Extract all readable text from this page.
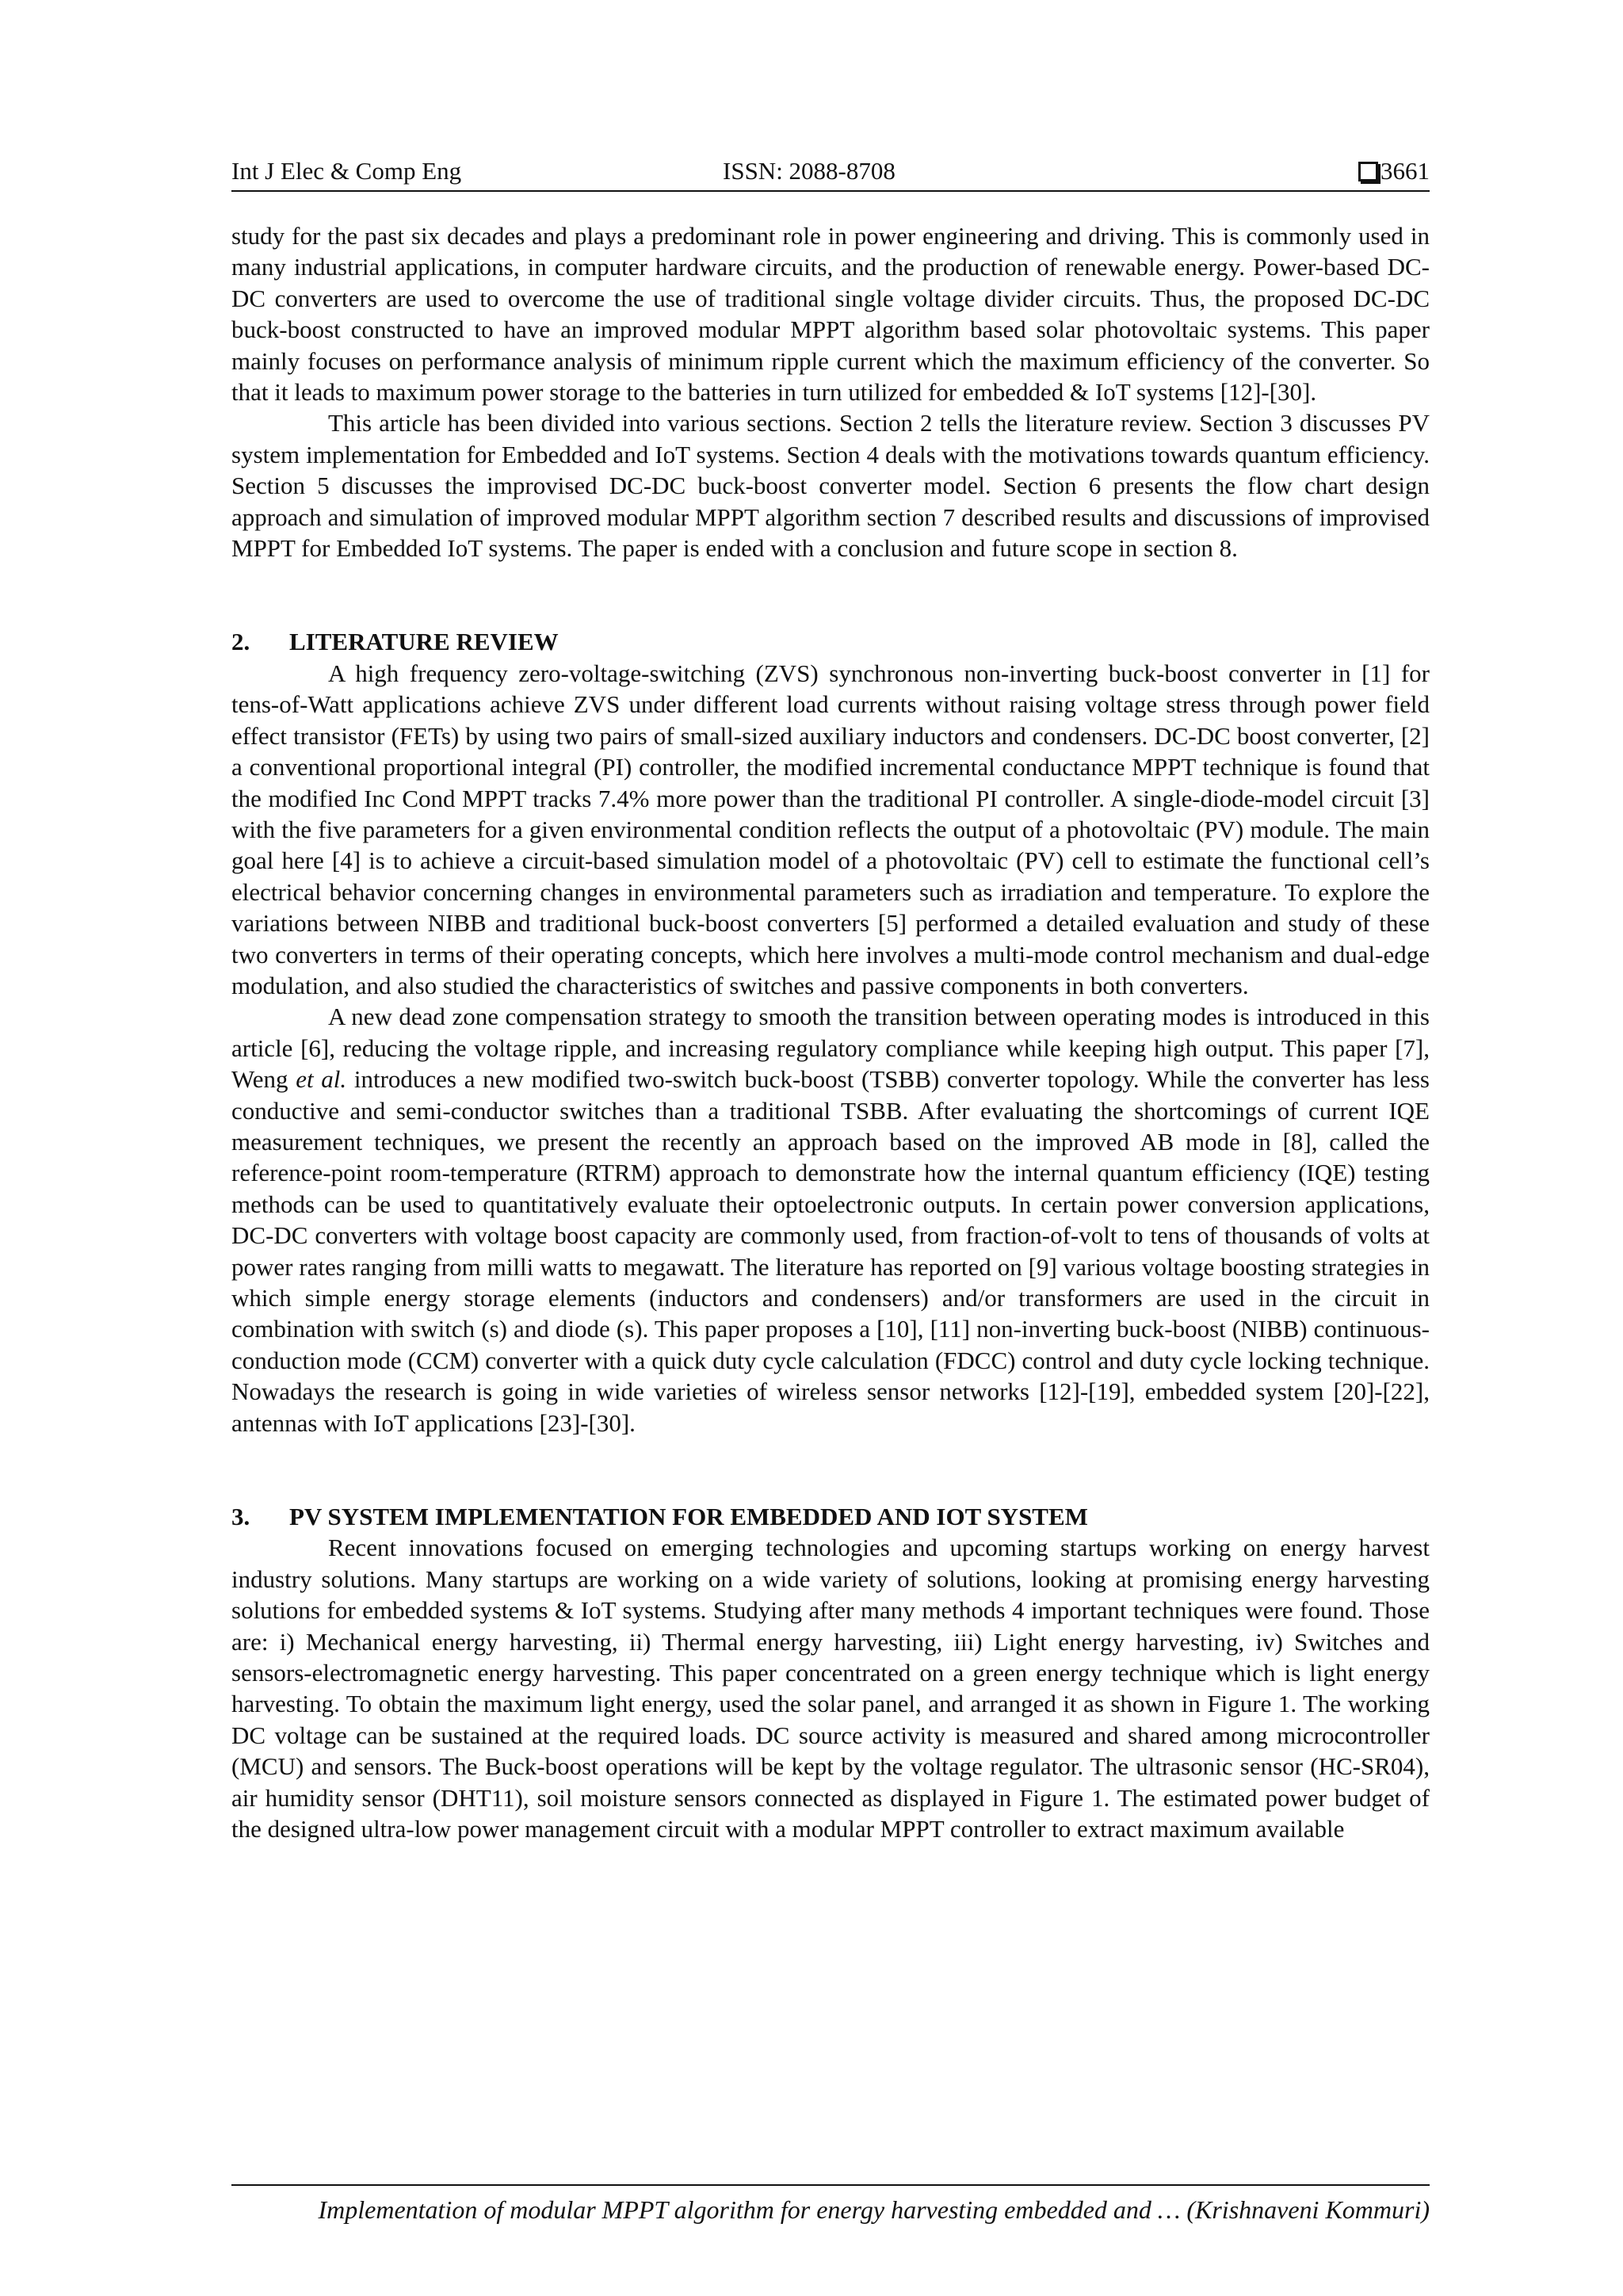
Int J Elec & Comp Eng	ISSN: 2088-8708	3661

study for the past six decades and plays a predominant role in power engineering and driving. This is commonly used in many industrial applications, in computer hardware circuits, and the production of renewable energy. Power-based DC-DC converters are used to overcome the use of traditional single voltage divider circuits. Thus, the proposed DC-DC buck-boost constructed to have an improved modular MPPT algorithm based solar photovoltaic systems. This paper mainly focuses on performance analysis of minimum ripple current which the maximum efficiency of the converter. So that it leads to maximum power storage to the batteries in turn utilized for embedded & IoT systems [12]-[30].

This article has been divided into various sections. Section 2 tells the literature review. Section 3 discusses PV system implementation for Embedded and IoT systems. Section 4 deals with the motivations towards quantum efficiency. Section 5 discusses the improvised DC-DC buck-boost converter model. Section 6 presents the flow chart design approach and simulation of improved modular MPPT algorithm section 7 described results and discussions of improvised MPPT for Embedded IoT systems. The paper is ended with a conclusion and future scope in section 8.

2. LITERATURE REVIEW

A high frequency zero-voltage-switching (ZVS) synchronous non-inverting buck-boost converter in [1] for tens-of-Watt applications achieve ZVS under different load currents without raising voltage stress through power field effect transistor (FETs) by using two pairs of small-sized auxiliary inductors and condensers. DC-DC boost converter, [2] a conventional proportional integral (PI) controller, the modified incremental conductance MPPT technique is found that the modified Inc Cond MPPT tracks 7.4% more power than the traditional PI controller. A single-diode-model circuit [3] with the five parameters for a given environmental condition reflects the output of a photovoltaic (PV) module. The main goal here [4] is to achieve a circuit-based simulation model of a photovoltaic (PV) cell to estimate the functional cell’s electrical behavior concerning changes in environmental parameters such as irradiation and temperature. To explore the variations between NIBB and traditional buck-boost converters [5] performed a detailed evaluation and study of these two converters in terms of their operating concepts, which here involves a multi-mode control mechanism and dual-edge modulation, and also studied the characteristics of switches and passive components in both converters.

A new dead zone compensation strategy to smooth the transition between operating modes is introduced in this article [6], reducing the voltage ripple, and increasing regulatory compliance while keeping high output. This paper [7], Weng et al. introduces a new modified two-switch buck-boost (TSBB) converter topology. While the converter has less conductive and semi-conductor switches than a traditional TSBB. After evaluating the shortcomings of current IQE measurement techniques, we present the recently an approach based on the improved AB mode in [8], called the reference-point room-temperature (RTRM) approach to demonstrate how the internal quantum efficiency (IQE) testing methods can be used to quantitatively evaluate their optoelectronic outputs. In certain power conversion applications, DC-DC converters with voltage boost capacity are commonly used, from fraction-of-volt to tens of thousands of volts at power rates ranging from milli watts to megawatt. The literature has reported on [9] various voltage boosting strategies in which simple energy storage elements (inductors and condensers) and/or transformers are used in the circuit in combination with switch (s) and diode (s). This paper proposes a [10], [11] non-inverting buck-boost (NIBB) continuous-conduction mode (CCM) converter with a quick duty cycle calculation (FDCC) control and duty cycle locking technique. Nowadays the research is going in wide varieties of wireless sensor networks [12]-[19], embedded system [20]-[22], antennas with IoT applications [23]-[30].

3. PV SYSTEM IMPLEMENTATION FOR EMBEDDED AND IOT SYSTEM

Recent innovations focused on emerging technologies and upcoming startups working on energy harvest industry solutions. Many startups are working on a wide variety of solutions, looking at promising energy harvesting solutions for embedded systems & IoT systems. Studying after many methods 4 important techniques were found. Those are: i) Mechanical energy harvesting, ii) Thermal energy harvesting, iii) Light energy harvesting, iv) Switches and sensors-electromagnetic energy harvesting. This paper concentrated on a green energy technique which is light energy harvesting. To obtain the maximum light energy, used the solar panel, and arranged it as shown in Figure 1. The working DC voltage can be sustained at the required loads. DC source activity is measured and shared among microcontroller (MCU) and sensors. The Buck-boost operations will be kept by the voltage regulator. The ultrasonic sensor (HC-SR04), air humidity sensor (DHT11), soil moisture sensors connected as displayed in Figure 1. The estimated power budget of the designed ultra-low power management circuit with a modular MPPT controller to extract maximum available

Implementation of modular MPPT algorithm for energy harvesting embedded and … (Krishnaveni Kommuri)
